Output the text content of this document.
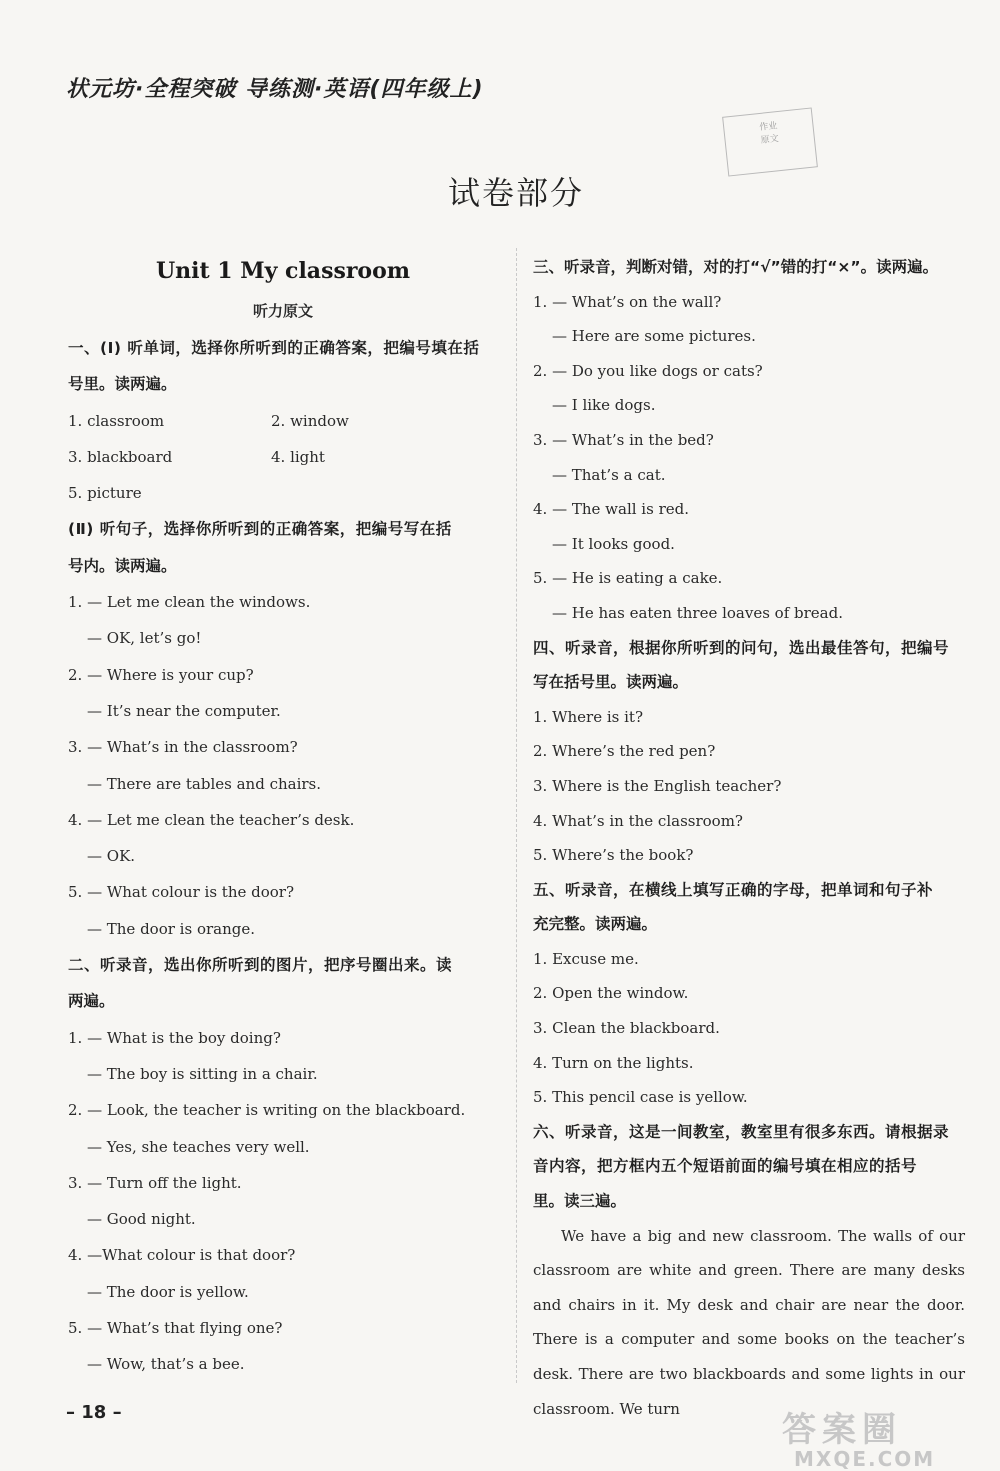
状元坊·全程突破 导练测·英语(四年级上)
作业
原文
试卷部分
Unit 1 My classroom
听力原文
一、(Ⅰ) 听单词，选择你所听到的正确答案，把编号填在括
号里。读两遍。
1. classroom	2. window
3. blackboard	4. light
5. picture
(Ⅱ) 听句子，选择你所听到的正确答案，把编号写在括
号内。读两遍。
1. — Let me clean the windows.
— OK, let’s go!
2. — Where is your cup?
— It’s near the computer.
3. — What’s in the classroom?
— There are tables and chairs.
4. — Let me clean the teacher’s desk.
— OK.
5. — What colour is the door?
— The door is orange.
二、听录音，选出你所听到的图片，把序号圈出来。读
两遍。
1. — What is the boy doing?
— The boy is sitting in a chair.
2. — Look, the teacher is writing on the blackboard.
— Yes, she teaches very well.
3. — Turn off the light.
— Good night.
4. —What colour is that door?
— The door is yellow.
5. — What’s that flying one?
— Wow, that’s a bee.
三、听录音，判断对错，对的打“√”错的打“×”。读两遍。
1. — What’s on the wall?
— Here are some pictures.
2. — Do you like dogs or cats?
— I like dogs.
3. — What’s in the bed?
— That’s a cat.
4. — The wall is red.
— It looks good.
5. — He is eating a cake.
— He has eaten three loaves of bread.
四、听录音，根据你所听到的问句，选出最佳答句，把编号
写在括号里。读两遍。
1. Where is it?
2. Where’s the red pen?
3. Where is the English teacher?
4. What’s in the classroom?
5. Where’s the book?
五、听录音，在横线上填写正确的字母，把单词和句子补
充完整。读两遍。
1. Excuse me.
2. Open the window.
3. Clean the blackboard.
4. Turn on the lights.
5. This pencil case is yellow.
六、听录音，这是一间教室，教室里有很多东西。请根据录
音内容，把方框内五个短语前面的编号填在相应的括号
里。读三遍。
We have a big and new classroom. The walls of our classroom are white and green. There are many desks and chairs in it. My desk and chair are near the door. There is a computer and some books on the teacher’s desk. There are two blackboards and some lights in our classroom. We turn
– 18 –	答案圈
MXQE.COM
